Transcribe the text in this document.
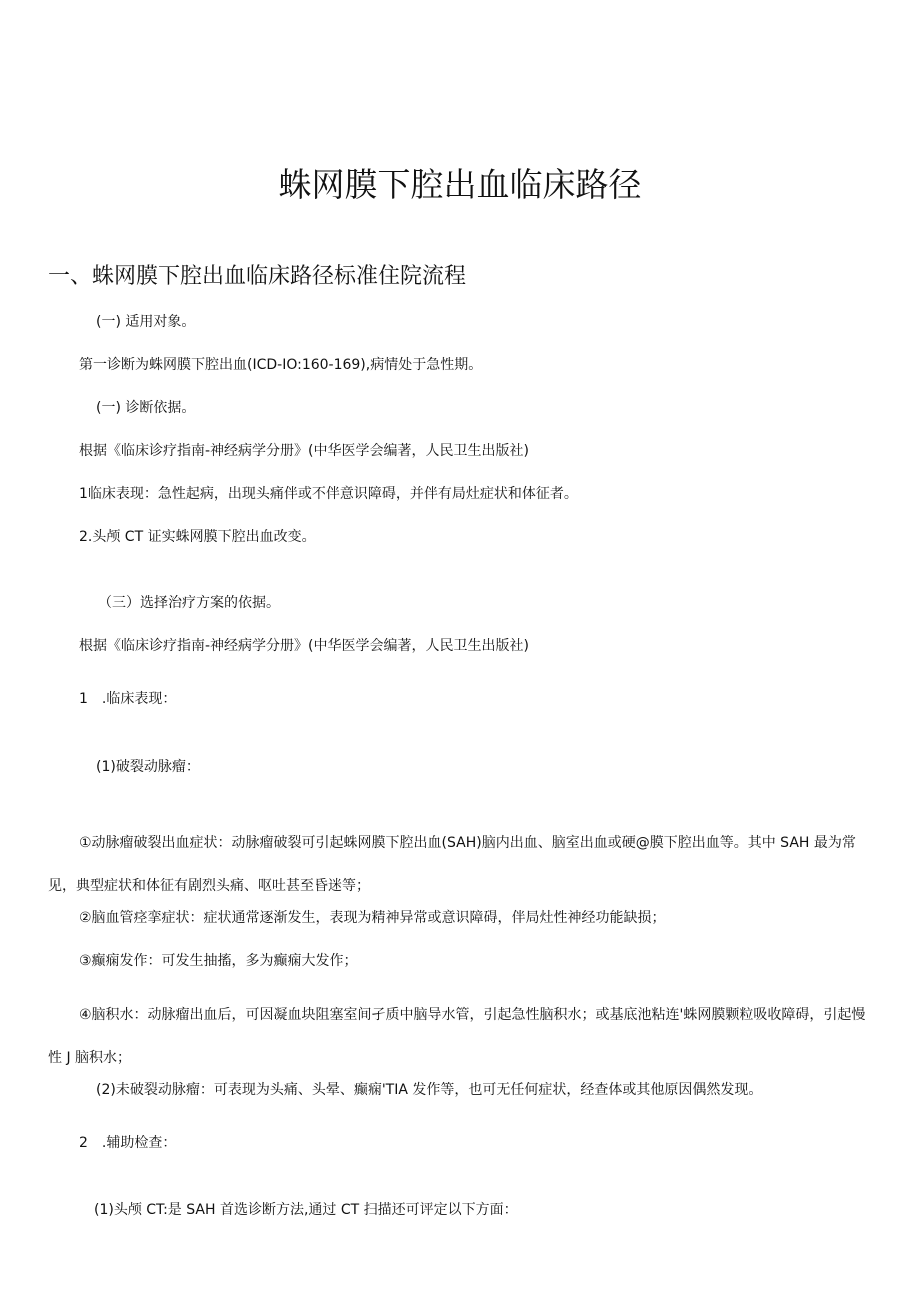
蛛网膜下腔出血临床路径
一、蛛网膜下腔出血临床路径标准住院流程

(一) 适用对象。

第一诊断为蛛网膜下腔出血(ICD-IO:160-169),病情处于急性期。

(一) 诊断依据。

根据《临床诊疗指南-神经病学分册》(中华医学会编著，人民卫生出版社)

1临床表现：急性起病，出现头痛伴或不伴意识障碍，并伴有局灶症状和体征者。

2.头颅 CT 证实蛛网膜下腔出血改变。

（三）选择治疗方案的依据。

根据《临床诊疗指南-神经病学分册》(中华医学会编著，人民卫生出版社)

1　.临床表现：

(1)破裂动脉瘤：

①动脉瘤破裂出血症状：动脉瘤破裂可引起蛛网膜下腔出血(SAH)脑内出血、脑室出血或硬@膜下腔出血等。其中 SAH 最为常见，典型症状和体征有剧烈头痛、呕吐甚至昏迷等；

②脑血管痉挛症状：症状通常逐渐发生，表现为精神异常或意识障碍，伴局灶性神经功能缺损；

③癫痫发作：可发生抽搐，多为癫痫大发作；

④脑积水：动脉瘤出血后，可因凝血块阻塞室间孑质中脑导水管，引起急性脑积水；或基底池粘连'蛛网膜颗粒吸收障碍，引起慢性 J 脑积水；

(2)未破裂动脉瘤：可表现为头痛、头晕、癫痫'TIA 发作等，也可无任何症状，经查体或其他原因偶然发现。

2　.辅助检查：

(1)头颅 CT:是 SAH 首选诊断方法,通过 CT 扫描还可评定以下方面：
